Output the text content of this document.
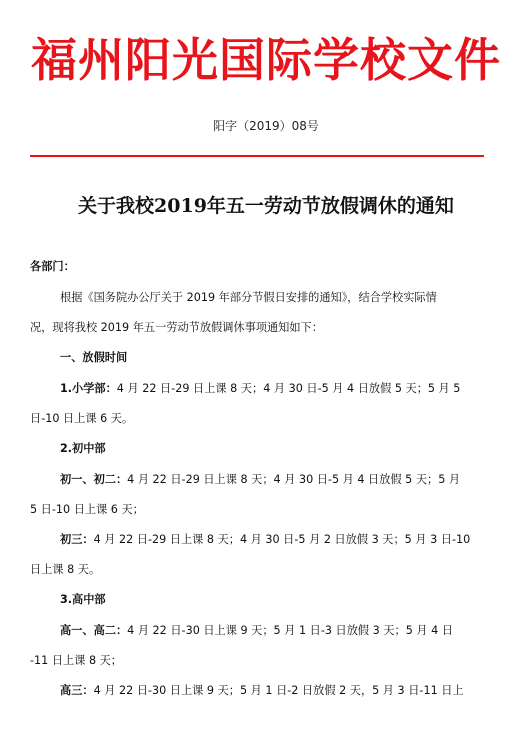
福州阳光国际学校文件
阳字（2019）08号
关于我校2019年五一劳动节放假调休的通知
各部门：
根据《国务院办公厅关于 2019 年部分节假日安排的通知》，结合学校实际情
况，现将我校 2019 年五一劳动节放假调休事项通知如下：
一、放假时间
1.小学部：4 月 22 日-29 日上课 8 天；4 月 30 日-5 月 4 日放假 5 天；5 月 5
日-10 日上课 6 天。
2.初中部
初一、初二：4 月 22 日-29 日上课 8 天；4 月 30 日-5 月 4 日放假 5 天；5 月
5 日-10 日上课 6 天；
初三：4 月 22 日-29 日上课 8 天；4 月 30 日-5 月 2 日放假 3 天；5 月 3 日-10
日上课 8 天。
3.高中部
高一、高二：4 月 22 日-30 日上课 9 天；5 月 1 日-3 日放假 3 天；5 月 4 日
-11 日上课 8 天；
高三：4 月 22 日-30 日上课 9 天；5 月 1 日-2 日放假 2 天，5 月 3 日-11 日上
